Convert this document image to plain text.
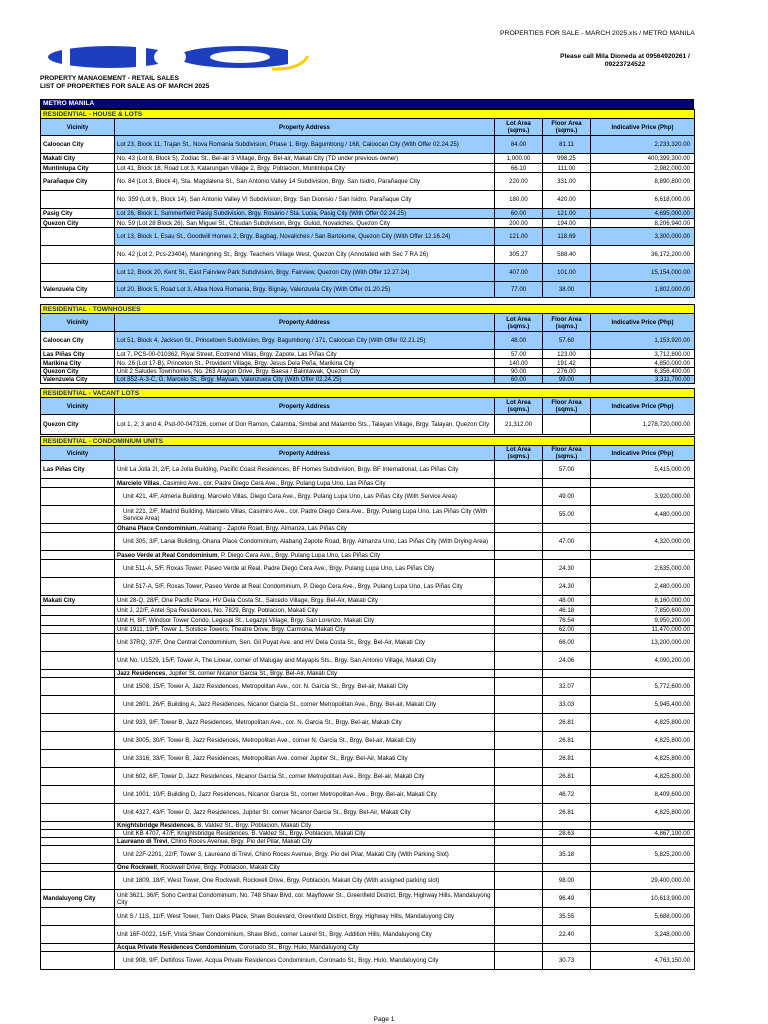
PROPERTIES FOR SALE - MARCH 2025.xls / METRO MANILA
Please call Mila Dioneda at 09564920261 /
09223724522
PROPERTY MANAGEMENT - RETAIL SALES
LIST OF PROPERTIES FOR SALE AS OF MARCH 2025
METRO MANILA
RESIDENTIAL - HOUSE & LOTS				
Vicinity	Property Address	Lot Area (sqms.)	Floor Area (sqms.)	Indicative Price (Php)
Caloocan City	Lot 23, Block 11, Trajan St., Nova Romania Subdivision, Phase 1, Brgy. Bagumbong / 168, Caloocan City (With Offer 02.24.25)	84.00	81.11	2,233,320.00
Makati City	No. 43 (Lot 8, Block 5), Zodiac St., Bel-air 3 Village, Brgy. Bel-air, Makati City (TD under previous owner)	1,000.00	998.25	400,399,300.00
Muntinlupa City	Lot 41, Block 18, Road Lot 3, Katarungan Village 2, Brgy. Poblacion, Muntinlupa City	66.10	111.00	2,982,000.00
Parañaque City	No. 84 (Lot 3, Block 4), Sta. Magdalena St., San Antonio Valley 14 Subdivision, Brgy. San Isidro, Parañaque City	220.00	331.00	8,890,800.00
	No. 359 (Lot 9,, Block 14), San Antonio Valley VI Subdivision, Brgy. San Dionisio / San Isidro, Parañaque City	180.00	420.00	6,618,000.00
Pasig City	Lot 26, Block 1, Summerfield Pasig Subdivision, Brgy. Rosario / Sta. Lucia, Pasig City (With Offer 02.24.25)	60.00	121.00	4,695,000.00
Quezon City	No. 59 (Lot 28 Block 26), San Miguel St., Chiudan Subdivision, Brgy. Gulod, Novaliches, Quezon City	200.00	194.00	8,206,940.00
	Lot 13, Block 1, Esau St., Goodwill Homes 2, Brgy. Bagbag, Novaliches / San Bartolome, Quezon City (With Offer 12.16.24)	121.00	118.69	3,300,000.00
	No. 42 (Lot 2, Pcs-23404), Maningning St., Brgy. Teachers Village West, Quezon City (Annotated with Sec 7 RA 26)	305.27	588.40	36,172,200.00
	Lot 12, Block 20, Kent St., East Fairview Park Subdivision, Brgy. Fairview, Quezon City (With Offer 12.27.24)	407.00	101.00	15,154,000.00
Valenzuela City	Lot 20, Block 5, Road Lot 3, Altea Nova Romania, Brgy. Bignay, Valenzuela City (With Offer 01.20.25)	77.00	38.00	1,802,000.00
RESIDENTIAL - TOWNHOUSES				
Vicinity	Property Address	Lot Area (sqms.)	Floor Area (sqms.)	Indicative Price (Php)
Caloocan City	Lot 51, Block 4, Jackson St., Princetown Subdivision, Brgy. Bagumbong / 171, Caloocan City (With Offer 02.21.25)	48.00	57.60	1,153,920.00
Las Piñas City	Lot 7, PCS-00-010362, Riyal Street, Ecotrend Villas, Brgy. Zapote, Las Piñas City	57.00	123.00	3,712,800.00
Marikina City	No. 26 (Lot 17-B), Princeton St., Provident Village, Brgy. Jesus Dela Peña, Marikina City	140.00	191.42	4,850,000.00
Quezon City	Unit 2 Saludes Townhomes, No. 263 Aragon Drive, Brgy. Baesa / Balintawak, Quezon City	90.00	276.00	6,356,400.00
Valenzuela City	Lot 852-A-3-C, G. Marcelo St., Brgy. Maysan, Valenzuela City (With Offer 02.24.25)	60.00	99.00	3,311,700.00
RESIDENTIAL - VACANT LOTS				
Vicinity	Property Address	Lot Area (sqms.)	Floor Area (sqms.)	Indicative Price (Php)
Quezon City	Lot 1, 2, 3 and 4, Psd-00-047326, corner of Don Ramon, Calamba, Simbal and Malambo Sts., Talayan Village, Brgy. Talayan, Quezon City	21,312.00		1,278,720,000.00
RESIDENTIAL - CONDOMINIUM UNITS				
Vicinity	Property Address	Lot Area (sqms.)	Floor Area (sqms.)	Indicative Price (Php)
Las Piñas City	Unit La Jolla 2I, 2/F, La Jolla Building, Pacific Coast Residences, BF Homes Subdivision, Brgy. BF International, Las Piñas City		57.00	5,415,000.00
	Marcielo Villas, Casimiro Ave., cor. Padre Diego Cera Ave., Brgy. Pulang Lupa Uno, Las Piñas City			
	Unit 421, 4/F, Almeria Building, Marcielo Villas, Diego Cera Ave., Brgy. Pulang Lupa Uno, Las Piñas City (With Service Area)		49.00	3,920,000.00
	Unit 221, 2/F, Madrid Building, Marcielo Villas, Casimiro Ave., cor. Padre Diego Cera Ave., Brgy. Pulang Lupa Uno, Las Piñas City (With Service Area)		55.00	4,480,000.00
	Ohana Place Condominium, Alabang - Zapote Road, Brgy. Almanza, Las Piñas City			
	Unit 305, 3/F, Lanai Building, Ohana Place Condominium, Alabang Zapote Road, Brgy. Almanza Uno, Las Piñas City (With Drying Area)		47.00	4,320,000.00
	Paseo Verde at Real Condominium, P. Diego Cera Ave., Brgy. Pulang Lupa Uno, Las Piñas City			
	Unit 511-A, 5/F, Roxas Tower, Paseo Verde at Real, Padre Diego Cera Ave., Brgy. Pulang Lupa Uno, Las Piñas City		24.30	2,635,000.00
	Unit 517-A, 5/F, Roxas Tower, Paseo Verde at Real Condominium, P. Diego Cera Ave., Brgy. Pulang Lupa Uno, Las Piñas City		24.30	2,480,000.00
Makati City	Unit 28-Q, 28/F, One Pacific Place, HV Dela Costa St., Salcedo Village, Brgy. Bel-Air, Makati City		48.00	8,160,000.00
	Unit J, 22/F, Antel Spa Residences, No. 7829, Brgy. Poblacion, Makati City		46.18	7,850,600.00
	Unit H, 8/F, Windsor Tower Condo, Legaspi St., Legazpi Village, Brgy. San Lorenzo, Makati City		76.54	9,950,200.00
	Unit 1911, 19/F, Tower 1, Solstice Towers, Theatre Drive, Brgy. Carmona, Makati City		62.00	11,470,000.00
	Unit 37RQ, 37/F, One Central Condominium, Sen. Gil Puyat Ave. and HV Dela Costa St., Brgy. Bel-Air, Makati City		66.00	13,200,000.00
	Unit No. U1529, 15/F, Tower A, The Linear, corner of Malugay and Mayapis Sts., Brgy. San Antonio Village, Makati City		24.06	4,090,200.00
	Jazz Residences, Jupiter St. corner Nicanor Garcia St., Brgy. Bel-Air, Makati City			
	Unit 1508, 15/F, Tower A, Jazz Residences, Metropolitan Ave., cor. N. Garcia St., Brgy. Bel-air, Makati City		32.07	5,772,600.00
	Unit 2601, 26/F, Building A, Jazz Residences, Nicanor Garcia St., corner Metropolitan Ave., Brgy. Bel-air, Makati City		33.03	5,945,400.00
	Unit 933, 9/F, Tower B, Jazz Residences, Metropolitan Ave., cor. N. Garcia St., Brgy. Bel-air, Makati City		26.81	4,825,800.00
	Unit 3005, 30/F, Tower B, Jazz Residences, Metropolitan Ave., corner N. Garcia St., Brgy. Bel-air, Makati City		26.81	4,825,800.00
	Unit 3316, 33/F, Tower B, Jazz Residences, Metropolitan Ave. corner Jupiter St., Brgy. Bel-Air, Makati City		26.81	4,825,800.00
	Unit 602, 6/F, Tower D, Jazz Residences, Nicanor Garcia St., corner Metropolitan Ave., Brgy. Bel-air, Makati City		26.81	4,825,800.00
	Unit 1001, 10/F, Building D, Jazz Residences, Nicanor Garcia St., corner Metropolitan Ave., Brgy. Bel-air, Makati City		46.72	8,409,600.00
	Unit 4327, 43/F, Tower D, Jazz Residences, Jupiter St. corner Nicanor Garcia St., Brgy. Bel-Air, Makati City		26.81	4,825,800.00
	Knightsbridge Residences, B. Valdez St., Brgy. Poblacion, Makati City			
	Unit KB 4707, 47/F, Knightsbridge Residences, B. Valdez St., Brgy. Poblacion, Makati City		28.63	4,867,100.00
	Laureano di Trevi, Chino Roces Avenue, Brgy. Pio del Pilar, Makati City			
	Unit 22F-2201, 22/F, Tower 3, Laureano di Trevi, Chino Roces Avenue, Brgy. Pio del Pilar, Makati City (With Parking Slot)		35.18	5,825,200.00
	One Rockwell, Rockwell Drive, Brgy. Poblacion, Makati City			
	Unit 1809, 18/F, West Tower, One Rockwell, Rockwell Drive, Brgy. Poblacion, Makati City (With assigned parking slot)		98.00	29,400,000.00
Mandaluyong City	Unit 3621, 36/F, Soho Central Condominium, No. 748 Shaw Blvd. cor. Mayflower St., Greenfield District, Brgy. Highway Hills, Mandaluyong City		96.49	10,613,900.00
	Unit S / 11S, 11/F, West Tower, Twin Oaks Place, Shaw Boulevard, Greenfield District, Brgy. Highway Hills, Mandaluyong City		35.55	5,688,000.00
	Unit 16F-0022, 16/F, Vista Shaw Condominium, Shaw Blvd., corner Laurel St., Brgy. Addition Hills, Mandaluyong City		22.40	3,248,000.00
	Acqua Private Residences Condominium, Coronado St., Brgy. Hulo, Mandaluyong City			
	Unit 908, 9/F, Dettifoss Tower, Acqua Private Residences Condominium, Coronado St., Brgy. Hulo, Mandaluyong City		30.73	4,763,150.00
Page 1
